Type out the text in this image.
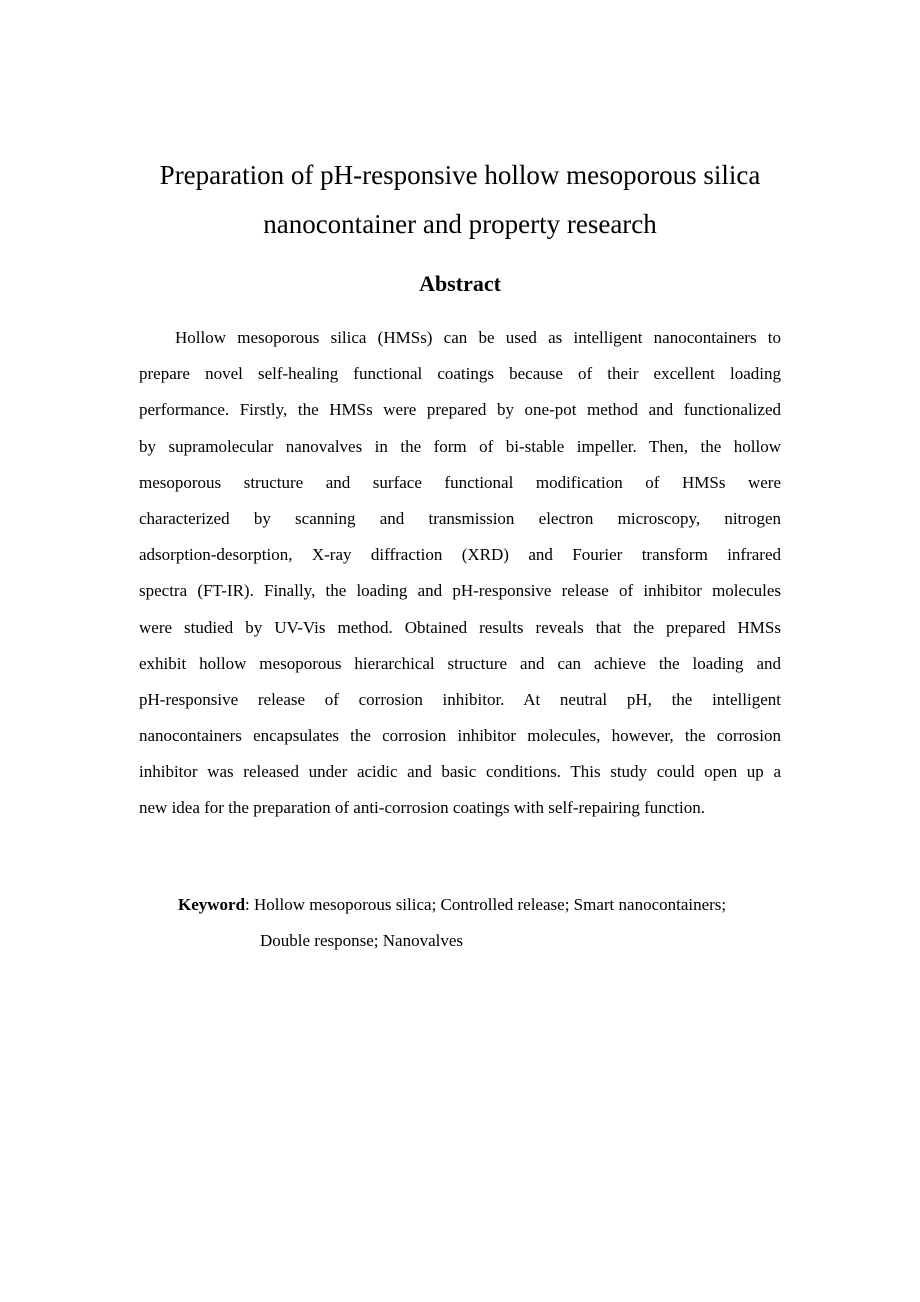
Preparation of pH-responsive hollow mesoporous silica
nanocontainer and property research
Abstract
Hollow mesoporous silica (HMSs) can be used as intelligent nanocontainers to
prepare novel self-healing functional coatings because of their excellent loading
performance. Firstly, the HMSs were prepared by one-pot method and functionalized
by supramolecular nanovalves in the form of bi-stable impeller. Then, the hollow
mesoporous structure and surface functional modification of HMSs were
characterized by scanning and transmission electron microscopy, nitrogen
adsorption-desorption, X-ray diffraction (XRD) and Fourier transform infrared
spectra (FT-IR). Finally, the loading and pH-responsive release of inhibitor molecules
were studied by UV-Vis method. Obtained results reveals that the prepared HMSs
exhibit hollow mesoporous hierarchical structure and can achieve the loading and
pH-responsive release of corrosion inhibitor. At neutral pH, the intelligent
nanocontainers encapsulates the corrosion inhibitor molecules, however, the corrosion
inhibitor was released under acidic and basic conditions. This study could open up a
new idea for the preparation of anti-corrosion coatings with self-repairing function.
Keyword: Hollow mesoporous silica; Controlled release; Smart nanocontainers;
Double response; Nanovalves
